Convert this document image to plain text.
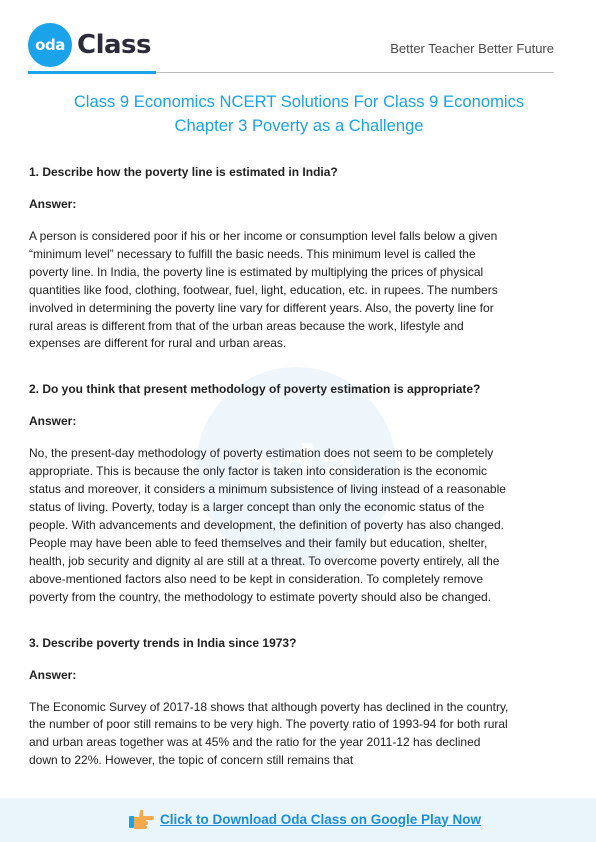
oda Class	Better Teacher Better Future
oda
Class 9 Economics NCERT Solutions For Class 9 Economics
Chapter 3 Poverty as a Challenge

1. Describe how the poverty line is estimated in India?

Answer:

A person is considered poor if his or her income or consumption level falls below a given “minimum level” necessary to fulfill the basic needs. This minimum level is called the poverty line. In India, the poverty line is estimated by multiplying the prices of physical quantities like food, clothing, footwear, fuel, light, education, etc. in rupees. The numbers involved in determining the poverty line vary for different years. Also, the poverty line for rural areas is different from that of the urban areas because the work, lifestyle and expenses are different for rural and urban areas.

2. Do you think that present methodology of poverty estimation is appropriate?

Answer:

No, the present-day methodology of poverty estimation does not seem to be completely appropriate. This is because the only factor is taken into consideration is the economic status and moreover, it considers a minimum subsistence of living instead of a reasonable status of living. Poverty, today is a larger concept than only the economic status of the people. With advancements and development, the definition of poverty has also changed. People may have been able to feed themselves and their family but education, shelter, health, job security and dignity al are still at a threat. To overcome poverty entirely, all the above-mentioned factors also need to be kept in consideration. To completely remove poverty from the country, the methodology to estimate poverty should also be changed.

3. Describe poverty trends in India since 1973?

Answer:

The Economic Survey of 2017-18 shows that although poverty has declined in the country, the number of poor still remains to be very high. The poverty ratio of 1993-94 for both rural and urban areas together was at 45% and the ratio for the year 2011-12 has declined down to 22%. However, the topic of concern still remains that

Click to Download Oda Class on Google Play Now
